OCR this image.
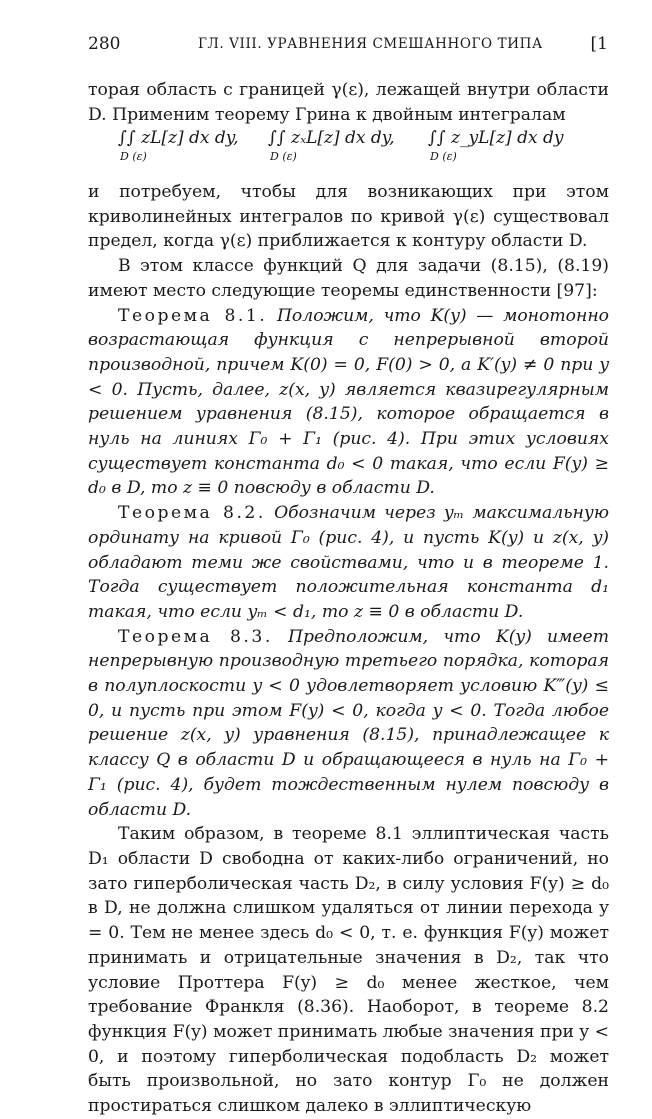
280	ГЛ. VIII. УРАВНЕНИЯ СМЕШАННОГО ТИПА	[1

торая область с границей γ(ε), лежащей внутри области D. Применим теорему Грина к двойным интегралам

∫∫ zL[z] dx dy,
D (ε)
∫∫ zₓL[z] dx dy,
D (ε)
∫∫ z_yL[z] dx dy
D (ε)

и потребуем, чтобы для возникающих при этом криволинейных интегралов по кривой γ(ε) существовал предел, когда γ(ε) приближается к контуру области D.

В этом классе функций Q для задачи (8.15), (8.19) имеют место следующие теоремы единственности [97]:

Теорема 8.1. Положим, что K(y) — монотонно возрастающая функция с непрерывной второй производной, причем K(0) = 0, F(0) > 0, а K′(y) ≠ 0 при y < 0. Пусть, далее, z(x, y) является квазирегулярным решением уравнения (8.15), которое обращается в нуль на линиях Γ₀ + Γ₁ (рис. 4). При этих условиях существует константа d₀ < 0 такая, что если F(y) ≥ d₀ в D, то z ≡ 0 повсюду в области D.

Теорема 8.2. Обозначим через yₘ максимальную ординату на кривой Γ₀ (рис. 4), и пусть K(y) и z(x, y) обладают теми же свойствами, что и в теореме 1. Тогда существует положительная константа d₁ такая, что если yₘ < d₁, то z ≡ 0 в области D.

Теорема 8.3. Предположим, что K(y) имеет непрерывную производную третьего порядка, которая в полуплоскости y < 0 удовлетворяет условию K‴(y) ≤ 0, и пусть при этом F(y) < 0, когда y < 0. Тогда любое решение z(x, y) уравнения (8.15), принадлежащее к классу Q в области D и обращающееся в нуль на Γ₀ + Γ₁ (рис. 4), будет тождественным нулем повсюду в области D.

Таким образом, в теореме 8.1 эллиптическая часть D₁ области D свободна от каких-либо ограничений, но зато гиперболическая часть D₂, в силу условия F(y) ≥ d₀ в D, не должна слишком удаляться от линии перехода y = 0. Тем не менее здесь d₀ < 0, т. е. функция F(y) может принимать и отрицательные значения в D₂, так что условие Проттера F(y) ≥ d₀ менее жесткое, чем требование Франкля (8.36). Наоборот, в теореме 8.2 функция F(y) может принимать любые значения при y < 0, и поэтому гиперболическая подобласть D₂ может быть произвольной, но зато контур Γ₀ не должен простираться слишком далеко в эллиптическую
